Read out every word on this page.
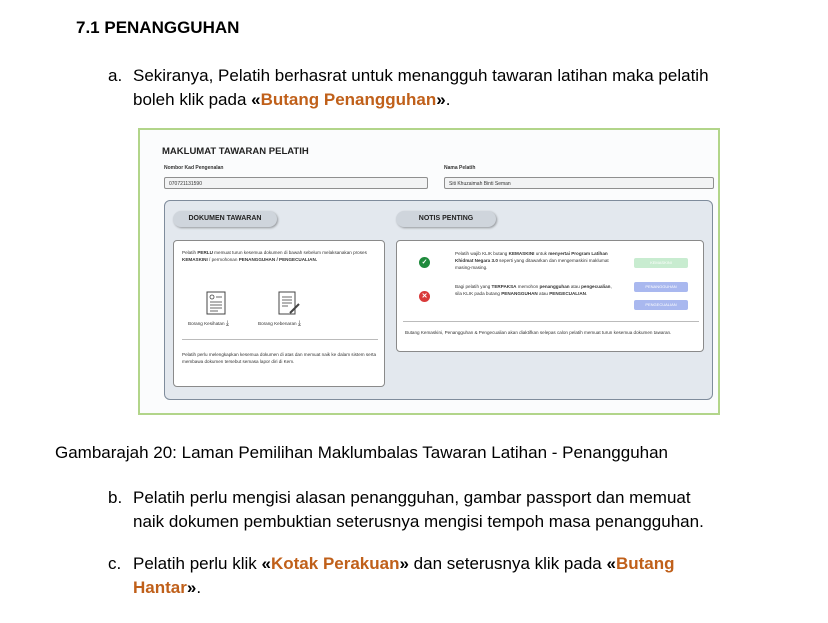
7.1 PENANGGUHAN
a. Sekiranya, Pelatih berhasrat untuk menangguh tawaran latihan maka pelatih
boleh klik pada «Butang Penangguhan».
MAKLUMAT TAWARAN PELATIH
Nombor Kad Pengenalan
070721131590
Nama Pelatih
Siti Khuzaimah Binti Seman
DOKUMEN TAWARAN	NOTIS PENTING
Pelatih PERLU memuat turun kesemua dokumen di bawah sebelum melaksanakan proses KEMASKINI / permohonan PENANGGUHAN / PENGECUALIAN.
Borang Kesihatan ⤓	Borang Kebenaran ⤓
Pelatih perlu melengkapkan kesemua dokumen di atas dan memuat naik ke dalam sistem serta membawa dokumen tersebut semasa lapor diri di Kem.
✓
Pelatih wajib KLIK butang KEMASKINI untuk menyertai Program Latihan Khidmat Negara 3.0 seperti yang ditawarkan dan mengemaskini maklumat masing-masing.
KEMASKINI
✕
Bagi pelatih yang TERPAKSA memohon penangguhan atau pengecualian, sila KLIK pada butang PENANGGUHAN atau PENGECUALIAN.
PENANGGUHAN
PENGECUALIAN
Butang Kemaskini, Penangguhan & Pengecualian akan diaktifkan selepas calon pelatih memuat turun kesemua dokumen tawaran.
Gambarajah 20: Laman Pemilihan Maklumbalas Tawaran Latihan - Penangguhan
b. Pelatih perlu mengisi alasan penangguhan, gambar passport dan memuat
naik dokumen pembuktian seterusnya mengisi tempoh masa penangguhan.
c. Pelatih perlu klik «Kotak Perakuan» dan seterusnya klik pada «Butang
Hantar».
